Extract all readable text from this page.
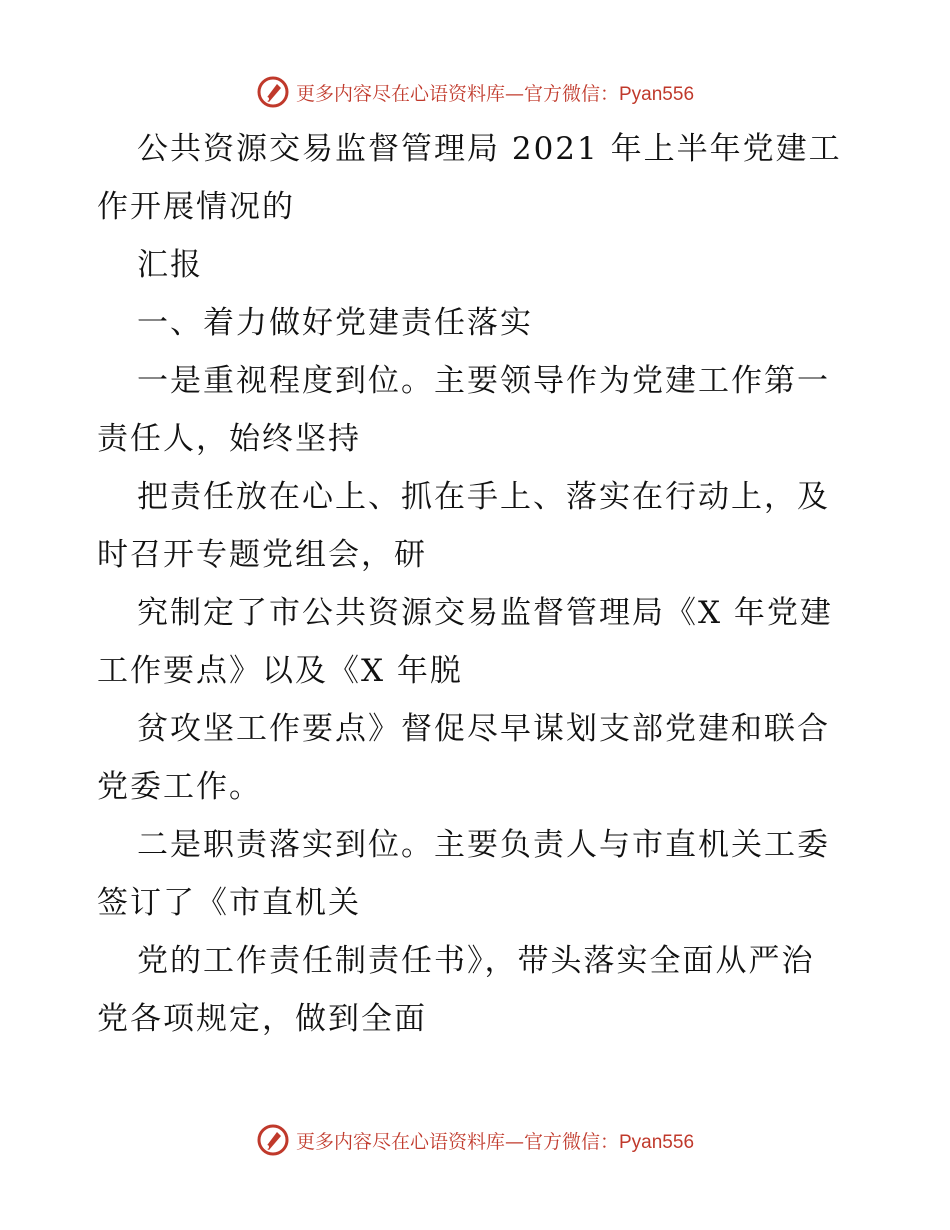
更多内容尽在心语资料库—官方微信：Pyan556

公共资源交易监督管理局 2021 年上半年党建工

作开展情况的

汇报

一、着力做好党建责任落实

一是重视程度到位。主要领导作为党建工作第一

责任人，始终坚持

把责任放在心上、抓在手上、落实在行动上，及

时召开专题党组会，研

究制定了市公共资源交易监督管理局《X 年党建

工作要点》以及《X 年脱

贫攻坚工作要点》督促尽早谋划支部党建和联合

党委工作。

二是职责落实到位。主要负责人与市直机关工委

签订了《市直机关

党的工作责任制责任书》，带头落实全面从严治

党各项规定，做到全面

更多内容尽在心语资料库—官方微信：Pyan556
